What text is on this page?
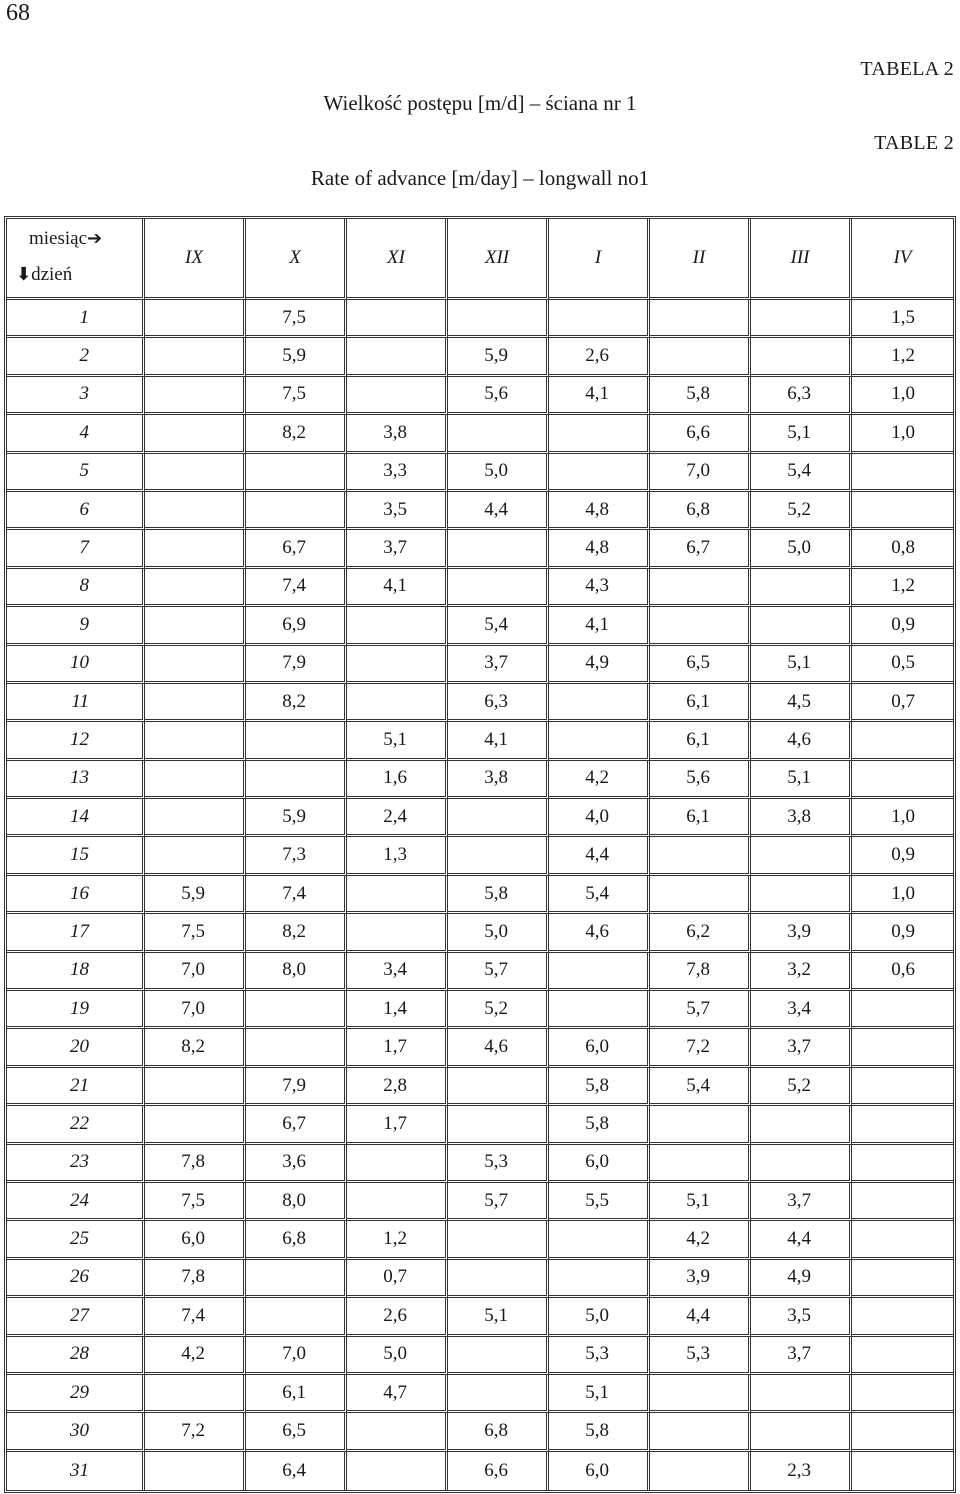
68
TABELA 2
Wielkość postępu [m/d] – ściana nr 1
TABLE 2
Rate of advance [m/day] – longwall no1
miesiąc➔
⬇dzień	IX	X	XI	XII	I	II	III	IV
1		7,5						1,5
2		5,9		5,9	2,6			1,2
3		7,5		5,6	4,1	5,8	6,3	1,0
4		8,2	3,8			6,6	5,1	1,0
5			3,3	5,0		7,0	5,4	
6			3,5	4,4	4,8	6,8	5,2	
7		6,7	3,7		4,8	6,7	5,0	0,8
8		7,4	4,1		4,3			1,2
9		6,9		5,4	4,1			0,9
10		7,9		3,7	4,9	6,5	5,1	0,5
11		8,2		6,3		6,1	4,5	0,7
12			5,1	4,1		6,1	4,6	
13			1,6	3,8	4,2	5,6	5,1	
14		5,9	2,4		4,0	6,1	3,8	1,0
15		7,3	1,3		4,4			0,9
16	5,9	7,4		5,8	5,4			1,0
17	7,5	8,2		5,0	4,6	6,2	3,9	0,9
18	7,0	8,0	3,4	5,7		7,8	3,2	0,6
19	7,0		1,4	5,2		5,7	3,4	
20	8,2		1,7	4,6	6,0	7,2	3,7	
21		7,9	2,8		5,8	5,4	5,2	
22		6,7	1,7		5,8			
23	7,8	3,6		5,3	6,0			
24	7,5	8,0		5,7	5,5	5,1	3,7	
25	6,0	6,8	1,2			4,2	4,4	
26	7,8		0,7			3,9	4,9	
27	7,4		2,6	5,1	5,0	4,4	3,5	
28	4,2	7,0	5,0		5,3	5,3	3,7	
29		6,1	4,7		5,1			
30	7,2	6,5		6,8	5,8			
31		6,4		6,6	6,0		2,3	
